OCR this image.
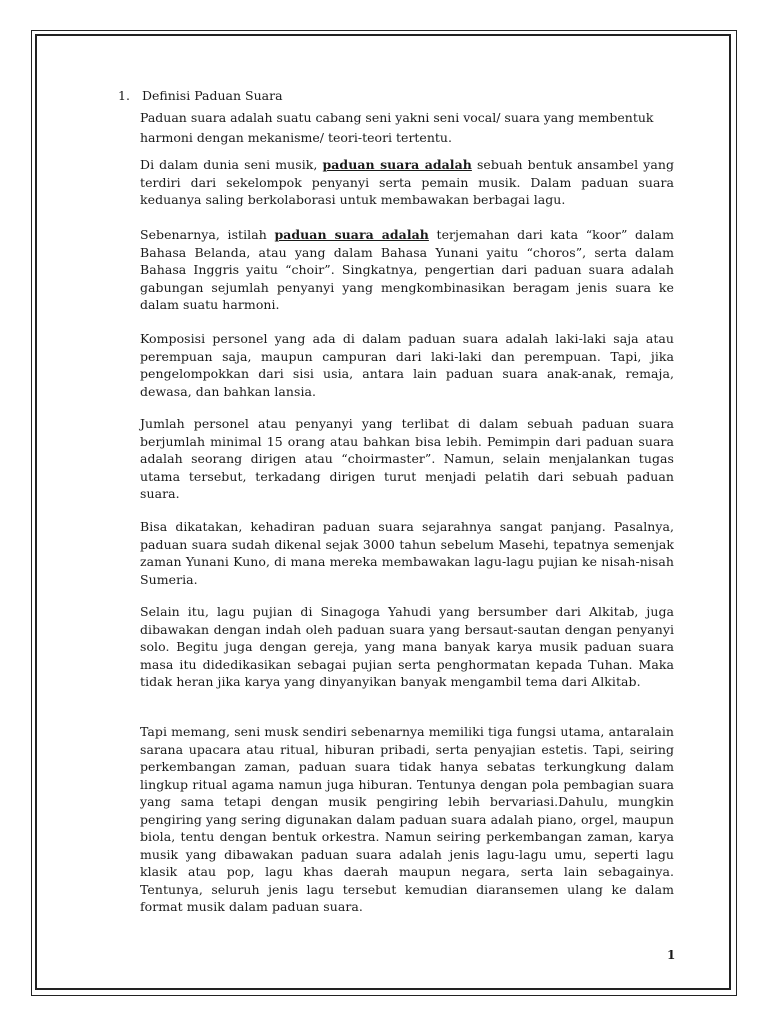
1. Definisi Paduan Suara
Paduan suara adalah suatu cabang seni yakni seni vocal/ suara yang membentuk harmoni dengan mekanisme/ teori-teori tertentu.

Di dalam dunia seni musik, paduan suara adalah sebuah bentuk ansambel yang terdiri dari sekelompok penyanyi serta pemain musik. Dalam paduan suara keduanya saling berkolaborasi untuk membawakan berbagai lagu.

Sebenarnya, istilah paduan suara adalah terjemahan dari kata “koor” dalam Bahasa Belanda, atau yang dalam Bahasa Yunani yaitu “choros”, serta dalam Bahasa Inggris yaitu “choir”. Singkatnya, pengertian dari paduan suara adalah gabungan sejumlah penyanyi yang mengkombinasikan beragam jenis suara ke dalam suatu harmoni.

Komposisi personel yang ada di dalam paduan suara adalah laki-laki saja atau perempuan saja, maupun campuran dari laki-laki dan perempuan. Tapi, jika pengelompokkan dari sisi usia, antara lain paduan suara anak-anak, remaja, dewasa, dan bahkan lansia.

Jumlah personel atau penyanyi yang terlibat di dalam sebuah paduan suara berjumlah minimal 15 orang atau bahkan bisa lebih. Pemimpin dari paduan suara adalah seorang dirigen atau “choirmaster”. Namun, selain menjalankan tugas utama tersebut, terkadang dirigen turut menjadi pelatih dari sebuah paduan suara.

Bisa dikatakan, kehadiran paduan suara sejarahnya sangat panjang. Pasalnya, paduan suara sudah dikenal sejak 3000 tahun sebelum Masehi, tepatnya semenjak zaman Yunani Kuno, di mana mereka membawakan lagu-lagu pujian ke nisah-nisah Sumeria.

Selain itu, lagu pujian di Sinagoga Yahudi yang bersumber dari Alkitab, juga dibawakan dengan indah oleh paduan suara yang bersaut-sautan dengan penyanyi solo. Begitu juga dengan gereja, yang mana banyak karya musik paduan suara masa itu didedikasikan sebagai pujian serta penghormatan kepada Tuhan. Maka tidak heran jika karya yang dinyanyikan banyak mengambil tema dari Alkitab.

Tapi memang, seni musk sendiri sebenarnya memiliki tiga fungsi utama, antaralain sarana upacara atau ritual, hiburan pribadi, serta penyajian estetis. Tapi, seiring perkembangan zaman, paduan suara tidak hanya sebatas terkungkung dalam lingkup ritual agama namun juga hiburan. Tentunya dengan pola pembagian suara yang sama tetapi dengan musik pengiring lebih bervariasi.Dahulu, mungkin pengiring yang sering digunakan dalam paduan suara adalah piano, orgel, maupun biola, tentu dengan bentuk orkestra. Namun seiring perkembangan zaman, karya musik yang dibawakan paduan suara adalah jenis lagu-lagu umu, seperti lagu klasik atau pop, lagu khas daerah maupun negara, serta lain sebagainya. Tentunya, seluruh jenis lagu tersebut kemudian diaransemen ulang ke dalam format musik dalam paduan suara.

1
